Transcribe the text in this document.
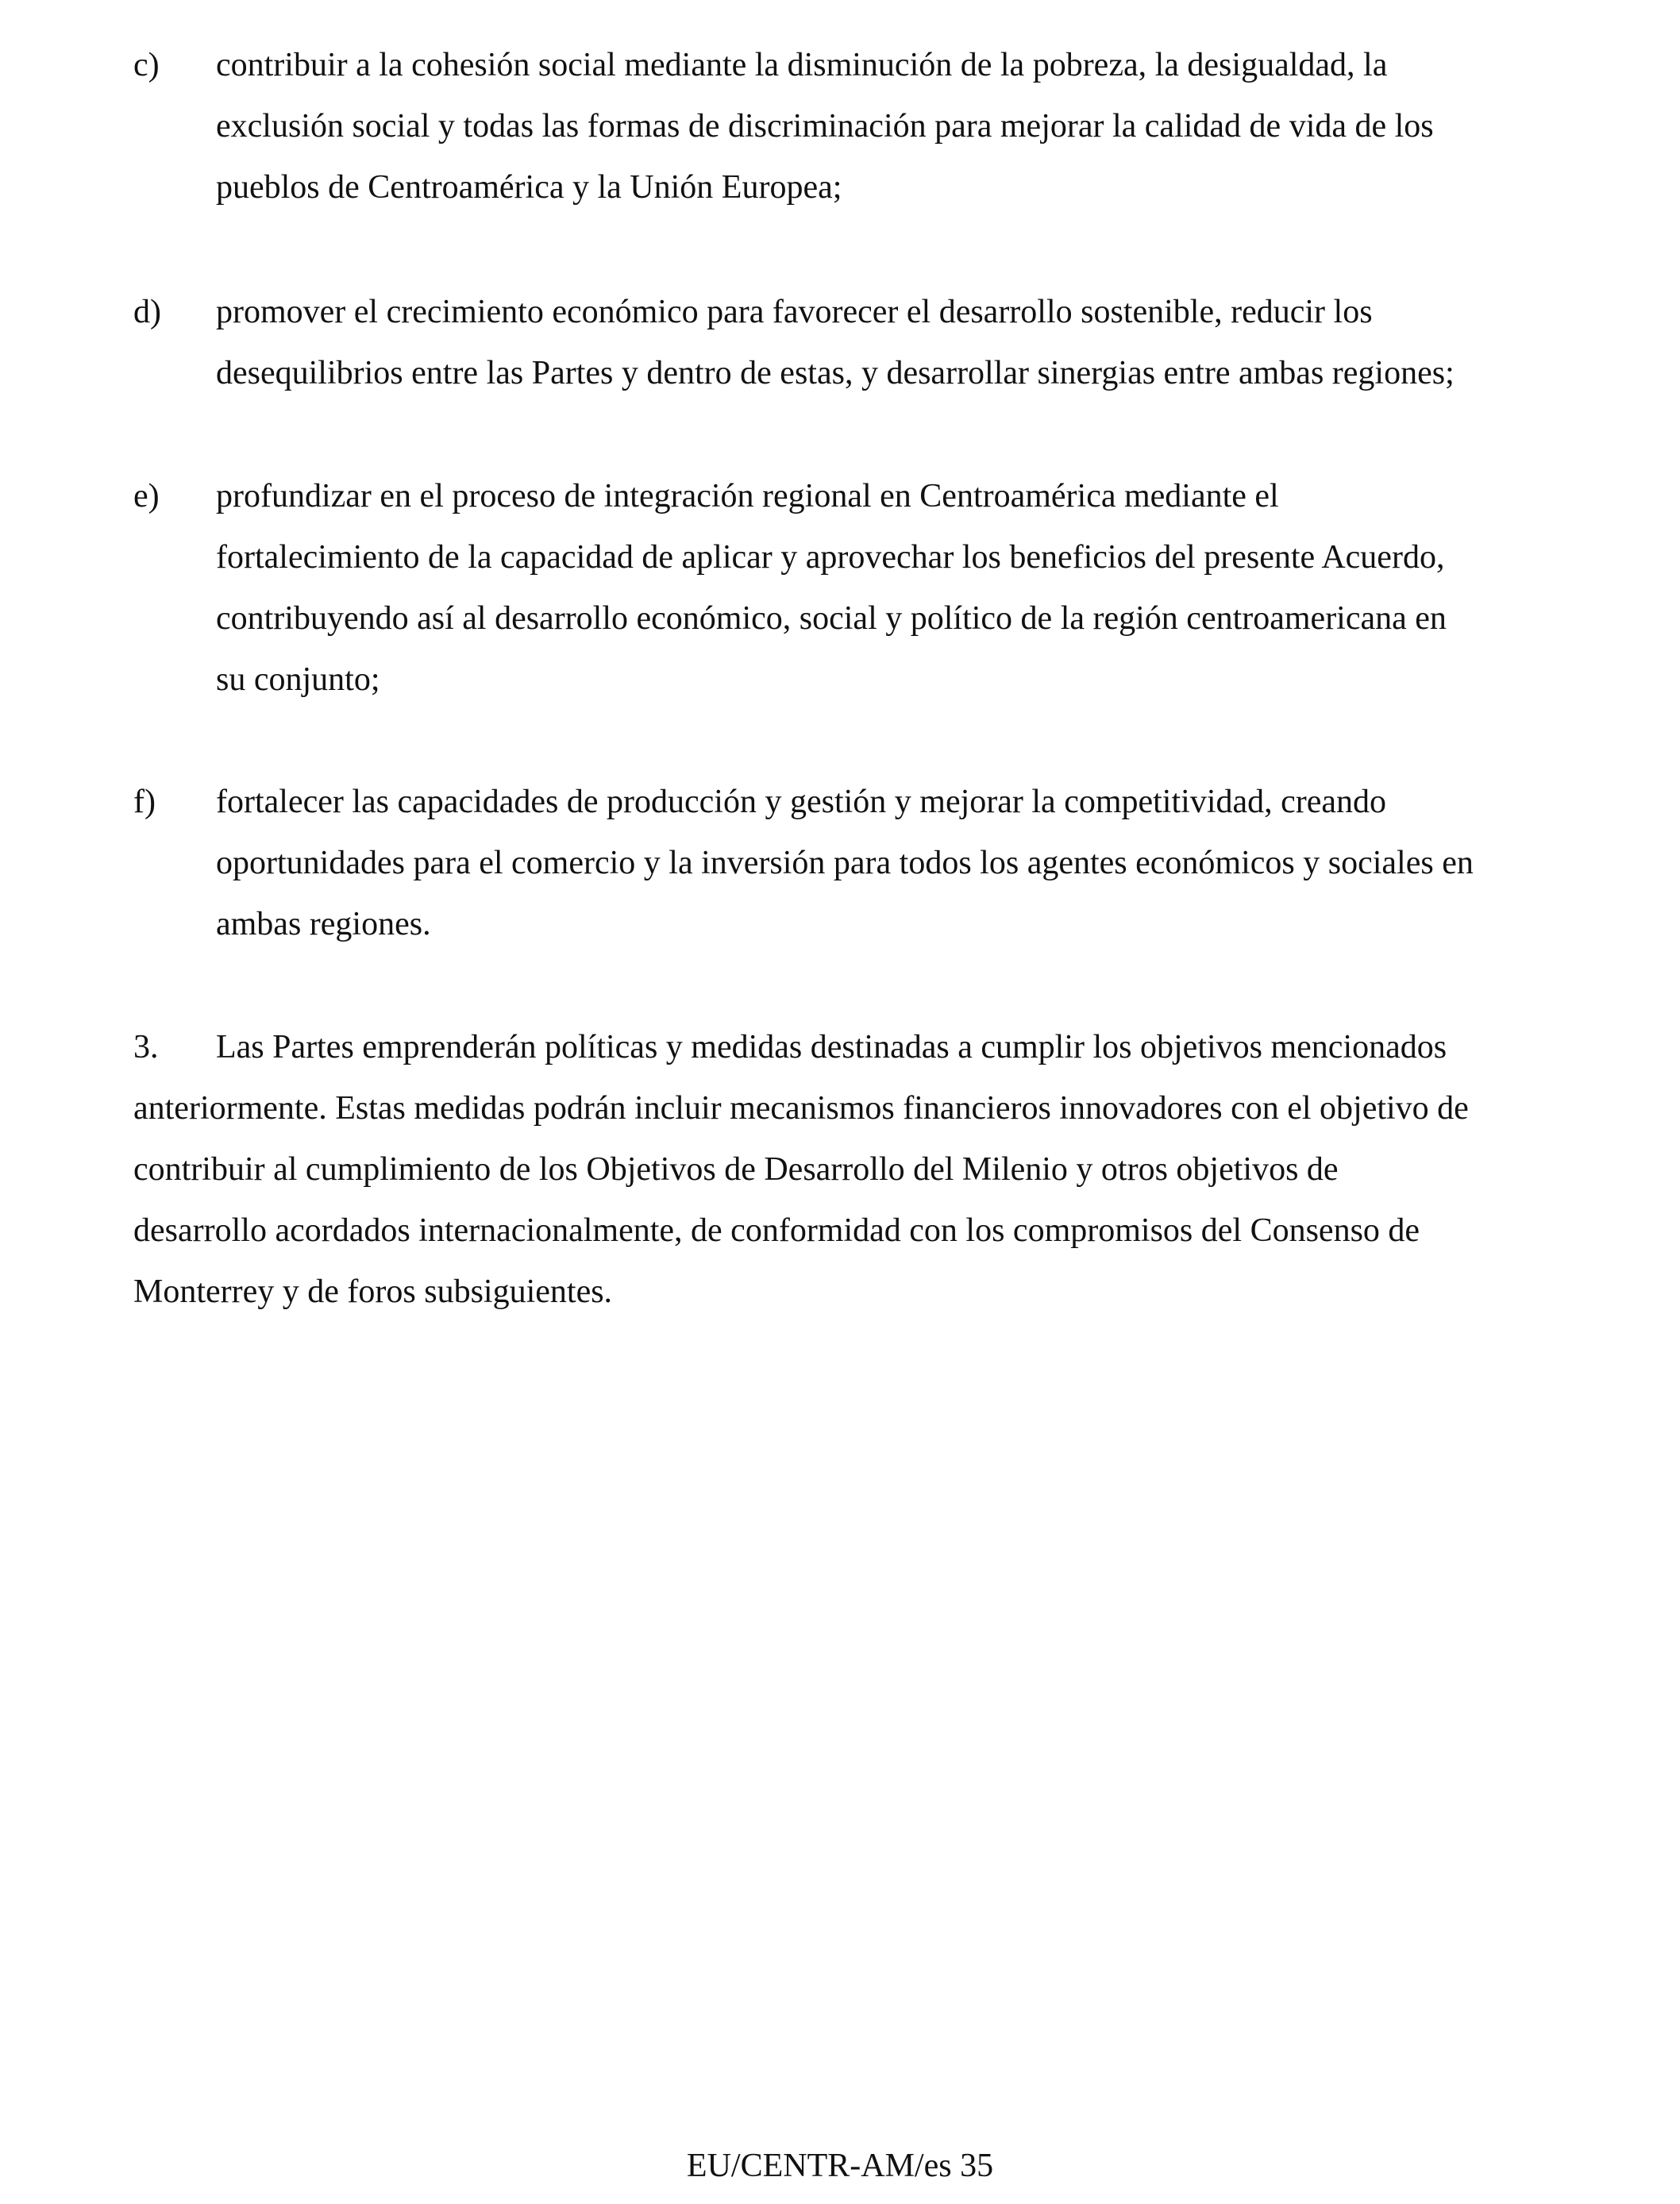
c)	contribuir a la cohesión social mediante la disminución de la pobreza, la desigualdad, la
exclusión social y todas las formas de discriminación para mejorar la calidad de vida de los
pueblos de Centroamérica y la Unión Europea;
d)	promover el crecimiento económico para favorecer el desarrollo sostenible, reducir los
desequilibrios entre las Partes y dentro de estas, y desarrollar sinergias entre ambas regiones;
e)	profundizar en el proceso de integración regional en Centroamérica mediante el
fortalecimiento de la capacidad de aplicar y aprovechar los beneficios del presente Acuerdo,
contribuyendo así al desarrollo económico, social y político de la región centroamericana en
su conjunto;
f)	fortalecer las capacidades de producción y gestión y mejorar la competitividad, creando
oportunidades para el comercio y la inversión para todos los agentes económicos y sociales en
ambas regiones.
3. Las Partes emprenderán políticas y medidas destinadas a cumplir los objetivos mencionados
anteriormente. Estas medidas podrán incluir mecanismos financieros innovadores con el objetivo de
contribuir al cumplimiento de los Objetivos de Desarrollo del Milenio y otros objetivos de
desarrollo acordados internacionalmente, de conformidad con los compromisos del Consenso de
Monterrey y de foros subsiguientes.
EU/CENTR-AM/es 35
